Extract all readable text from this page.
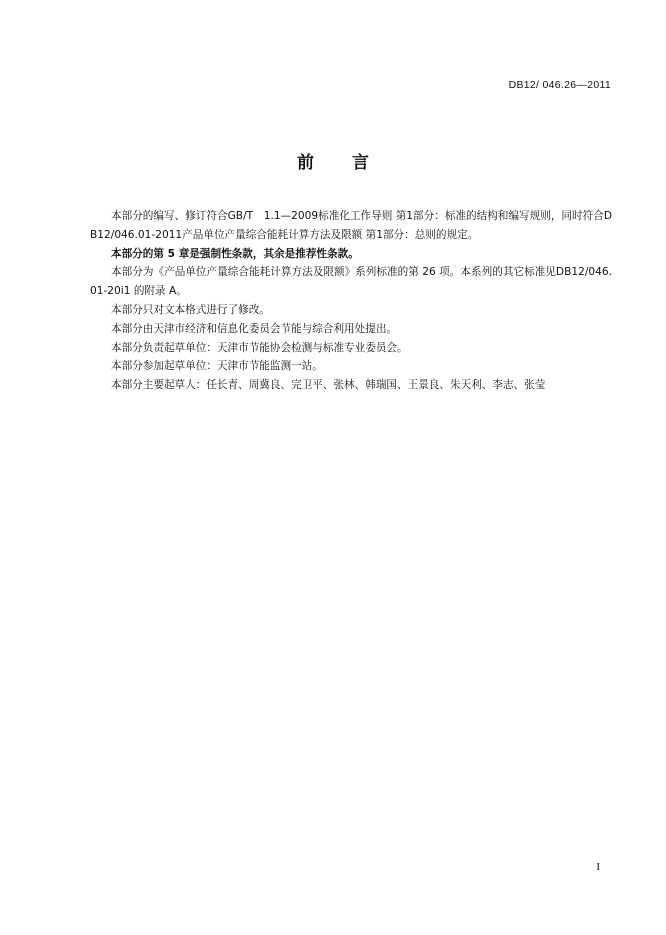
DB12/ 046.26—2011
前言

本部分的编写、修订符合GB/T　1.1—2009标准化工作导则 第1部分：标准的结构和编写规则，同时符合DB12/046.01-2011产品单位产量综合能耗计算方法及限额 第1部分：总则的规定。

本部分的第 5 章是强制性条款，其余是推荐性条款。

本部分为《产品单位产量综合能耗计算方法及限额》系列标准的第 26 项。本系列的其它标准见DB12/046.01-20i1 的附录 A。

本部分只对文本格式进行了修改。

本部分由天津市经济和信息化委员会节能与综合利用处提出。

本部分负责起草单位：天津市节能协会检测与标准专业委员会。

本部分参加起草单位：天津市节能监测一站。

本部分主要起草人：任长青、周冀良、完卫平、张林、韩瑞国、王景良、朱天利、李志、张莹

I
